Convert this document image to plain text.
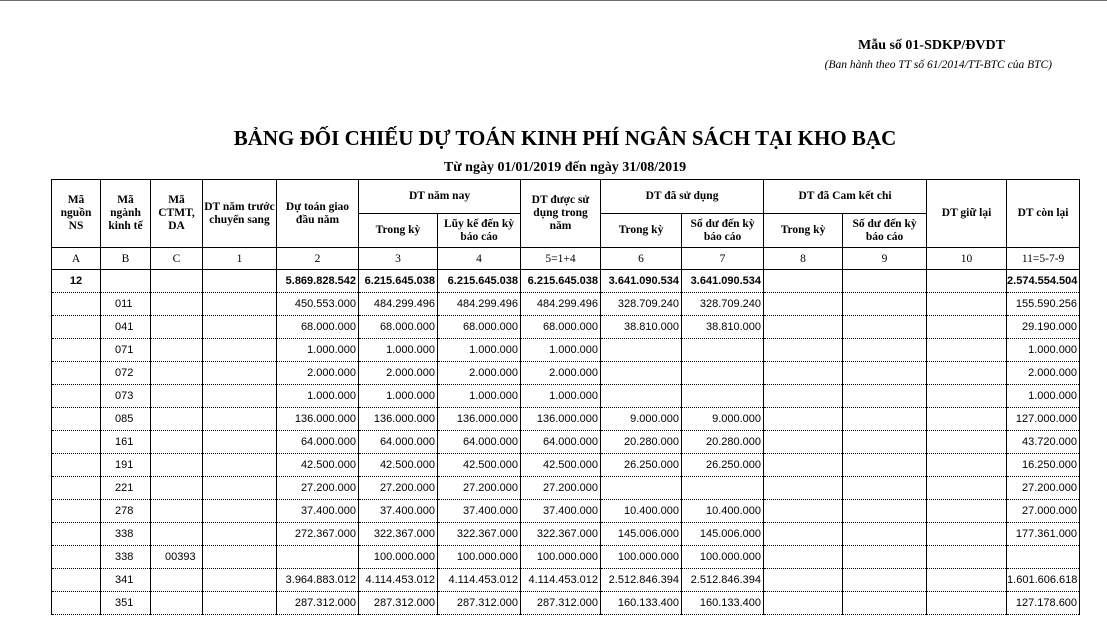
Mẫu số 01-SDKP/ĐVDT
(Ban hành theo TT số 61/2014/TT-BTC của BTC)
BẢNG ĐỐI CHIẾU DỰ TOÁN KINH PHÍ NGÂN SÁCH TẠI KHO BẠC
Từ ngày 01/01/2019 đến ngày 31/08/2019
Mã nguồn NS	Mã ngành kinh tế	Mã CTMT, DA	DT năm trước chuyển sang	Dự toán giao đầu năm	DT năm nay		DT được sử dụng trong năm	DT đã sử dụng		DT đã Cam kết chi		DT giữ lại	DT còn lại
					Trong kỳ	Lũy kế đến kỳ báo cáo		Trong kỳ	Số dư đến kỳ báo cáo	Trong kỳ	Số dư đến kỳ báo cáo		
A	B	C	1	2	3	4	5=1+4	6	7	8	9	10	11=5-7-9
12				5.869.828.542	6.215.645.038	6.215.645.038	6.215.645.038	3.641.090.534	3.641.090.534				2.574.554.504
	011			450.553.000	484.299.496	484.299.496	484.299.496	328.709.240	328.709.240				155.590.256
	041			68.000.000	68.000.000	68.000.000	68.000.000	38.810.000	38.810.000				29.190.000
	071			1.000.000	1.000.000	1.000.000	1.000.000						1.000.000
	072			2.000.000	2.000.000	2.000.000	2.000.000						2.000.000
	073			1.000.000	1.000.000	1.000.000	1.000.000						1.000.000
	085			136.000.000	136.000.000	136.000.000	136.000.000	9.000.000	9.000.000				127.000.000
	161			64.000.000	64.000.000	64.000.000	64.000.000	20.280.000	20.280.000				43.720.000
	191			42.500.000	42.500.000	42.500.000	42.500.000	26.250.000	26.250.000				16.250.000
	221			27.200.000	27.200.000	27.200.000	27.200.000						27.200.000
	278			37.400.000	37.400.000	37.400.000	37.400.000	10.400.000	10.400.000				27.000.000
	338			272.367.000	322.367.000	322.367.000	322.367.000	145.006.000	145.006.000				177.361.000
	338	00393			100.000.000	100.000.000	100.000.000	100.000.000	100.000.000				
	341			3.964.883.012	4.114.453.012	4.114.453.012	4.114.453.012	2.512.846.394	2.512.846.394				1.601.606.618
	351			287.312.000	287.312.000	287.312.000	287.312.000	160.133.400	160.133.400				127.178.600
